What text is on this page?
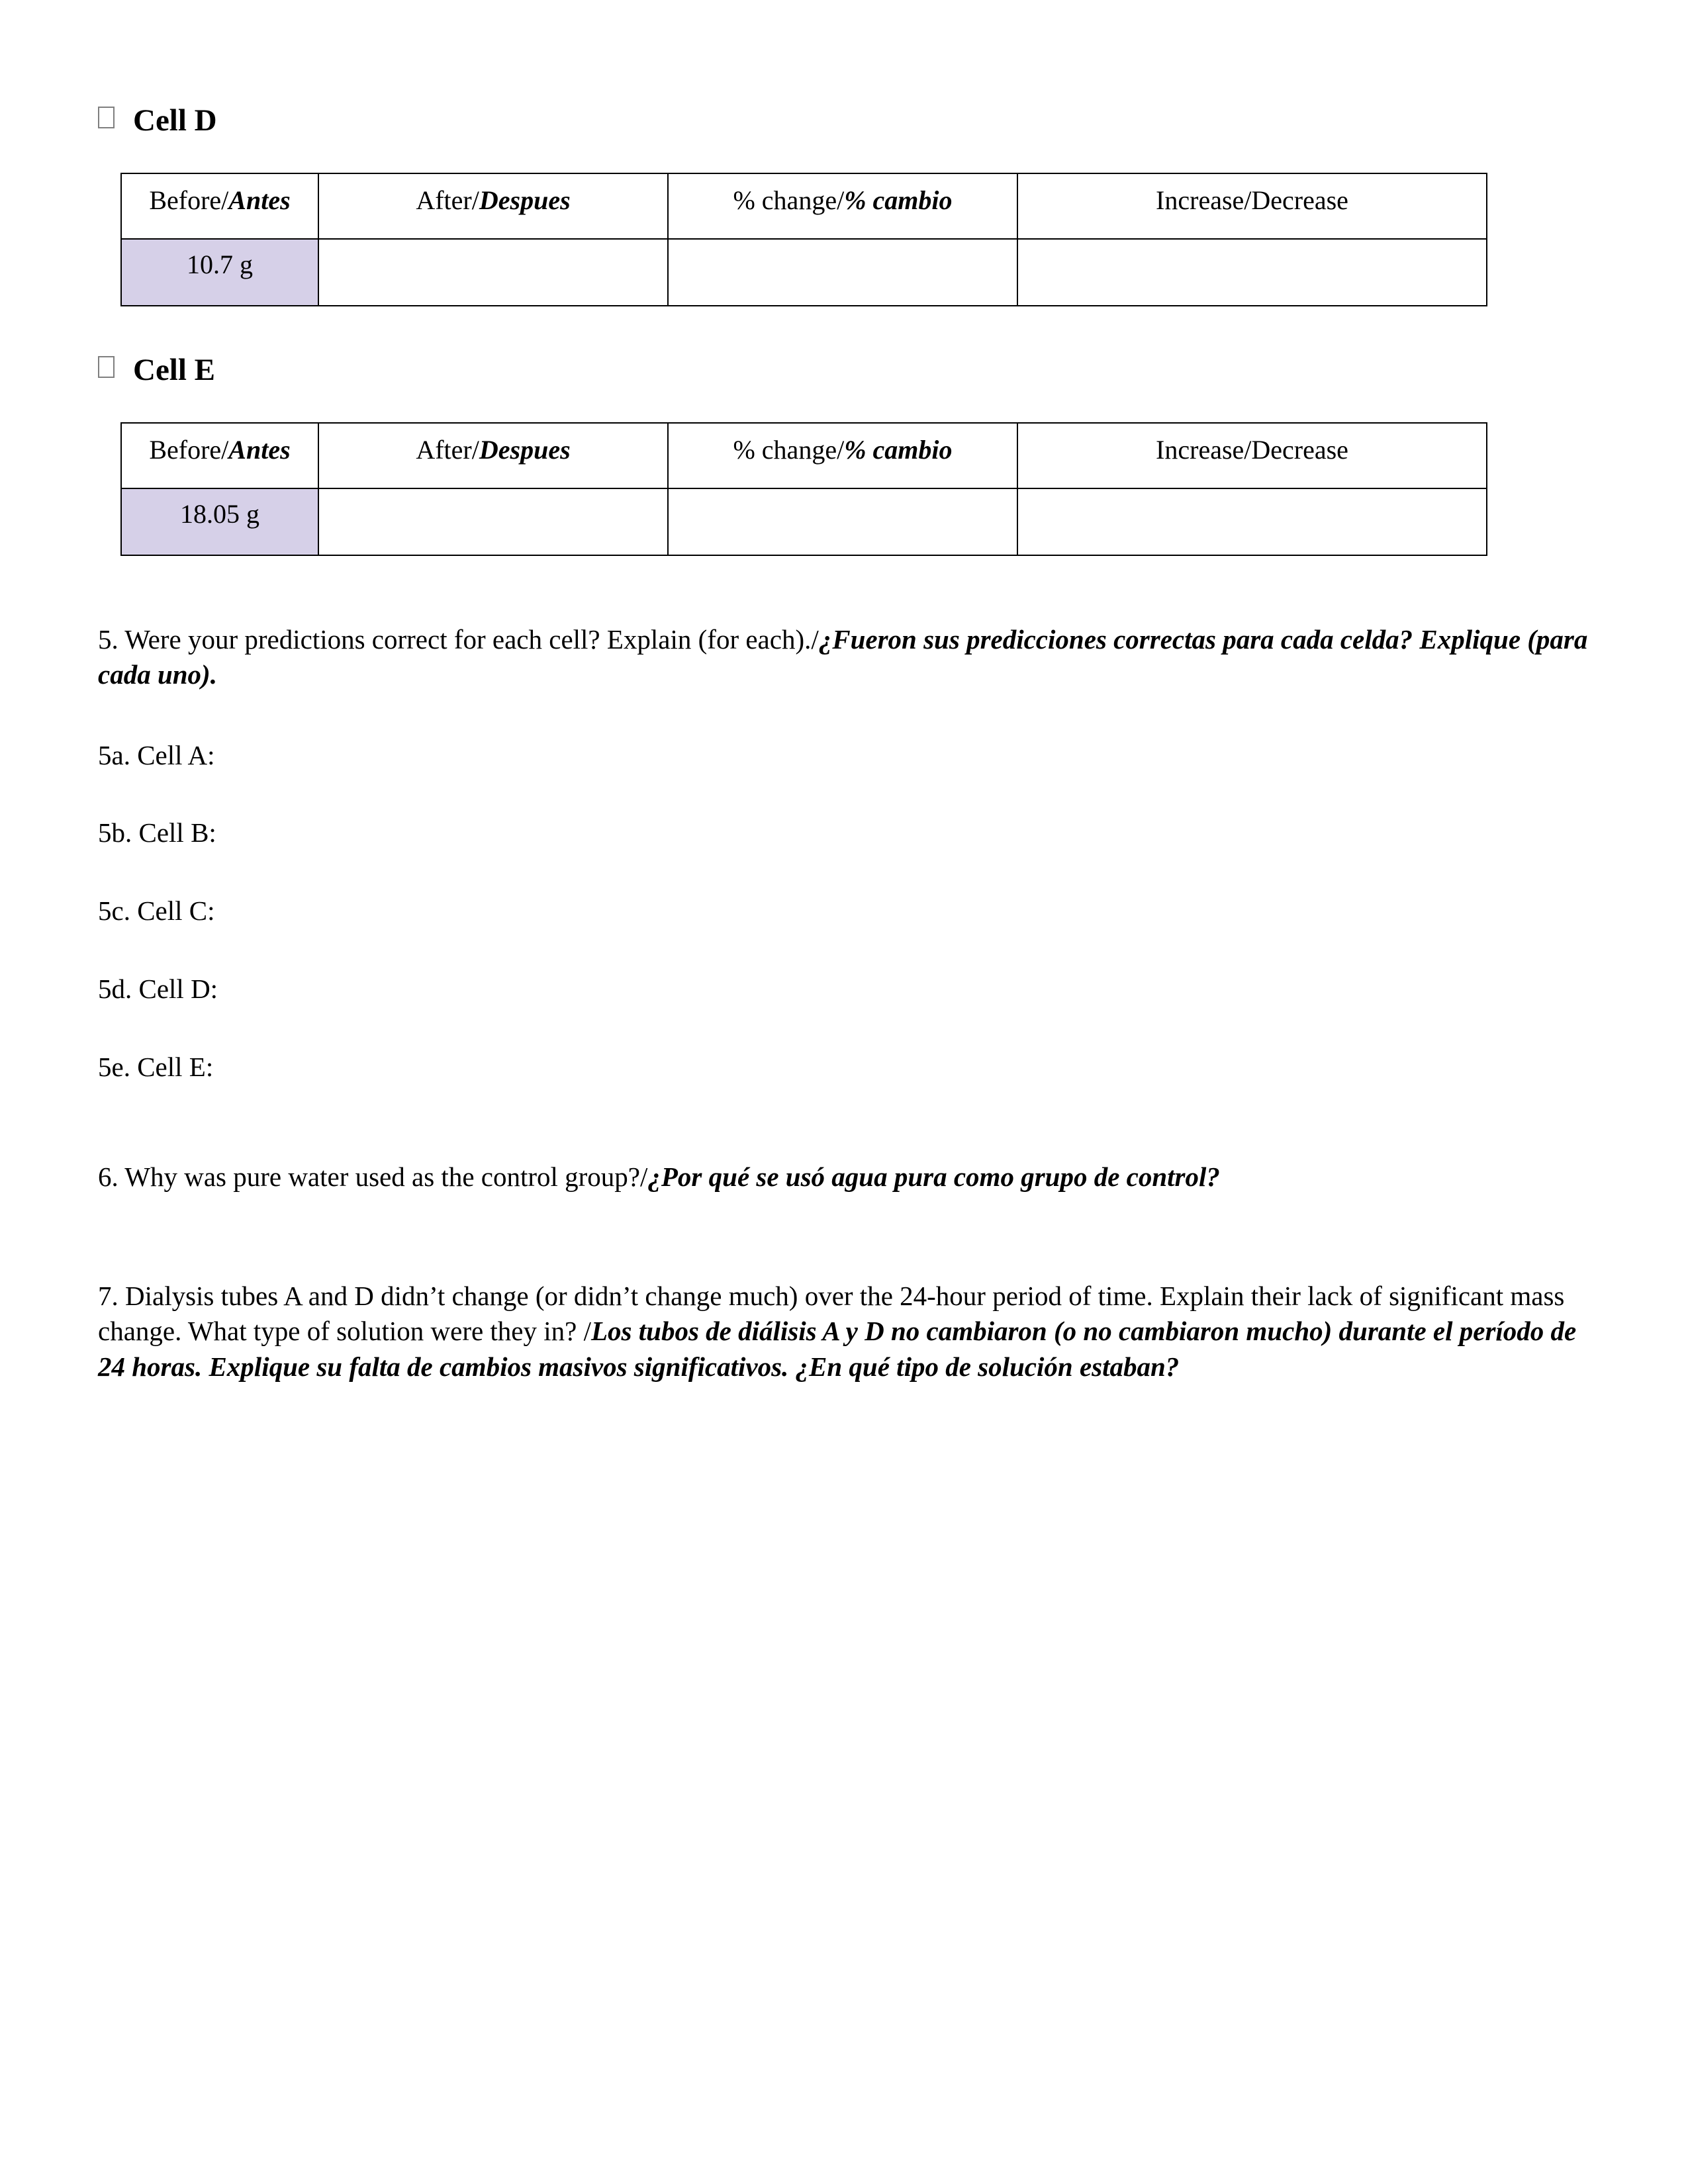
Cell D
Before/Antes	After/Despues	% change/% cambio	Increase/Decrease
10.7 g			
Cell E
Before/Antes	After/Despues	% change/% cambio	Increase/Decrease
18.05 g			
5. Were your predictions correct for each cell? Explain (for each)./¿Fueron sus predicciones correctas para cada celda? Explique (para cada uno).
5a. Cell A:
5b. Cell B:
5c. Cell C:
5d. Cell D:
5e. Cell E:
6. Why was pure water used as the control group?/¿Por qué se usó agua pura como grupo de control?
7. Dialysis tubes A and D didn’t change (or didn’t change much) over the 24-hour period of time. Explain their lack of significant mass change. What type of solution were they in? /Los tubos de diálisis A y D no cambiaron (o no cambiaron mucho) durante el período de 24 horas. Explique su falta de cambios masivos significativos. ¿En qué tipo de solución estaban?
